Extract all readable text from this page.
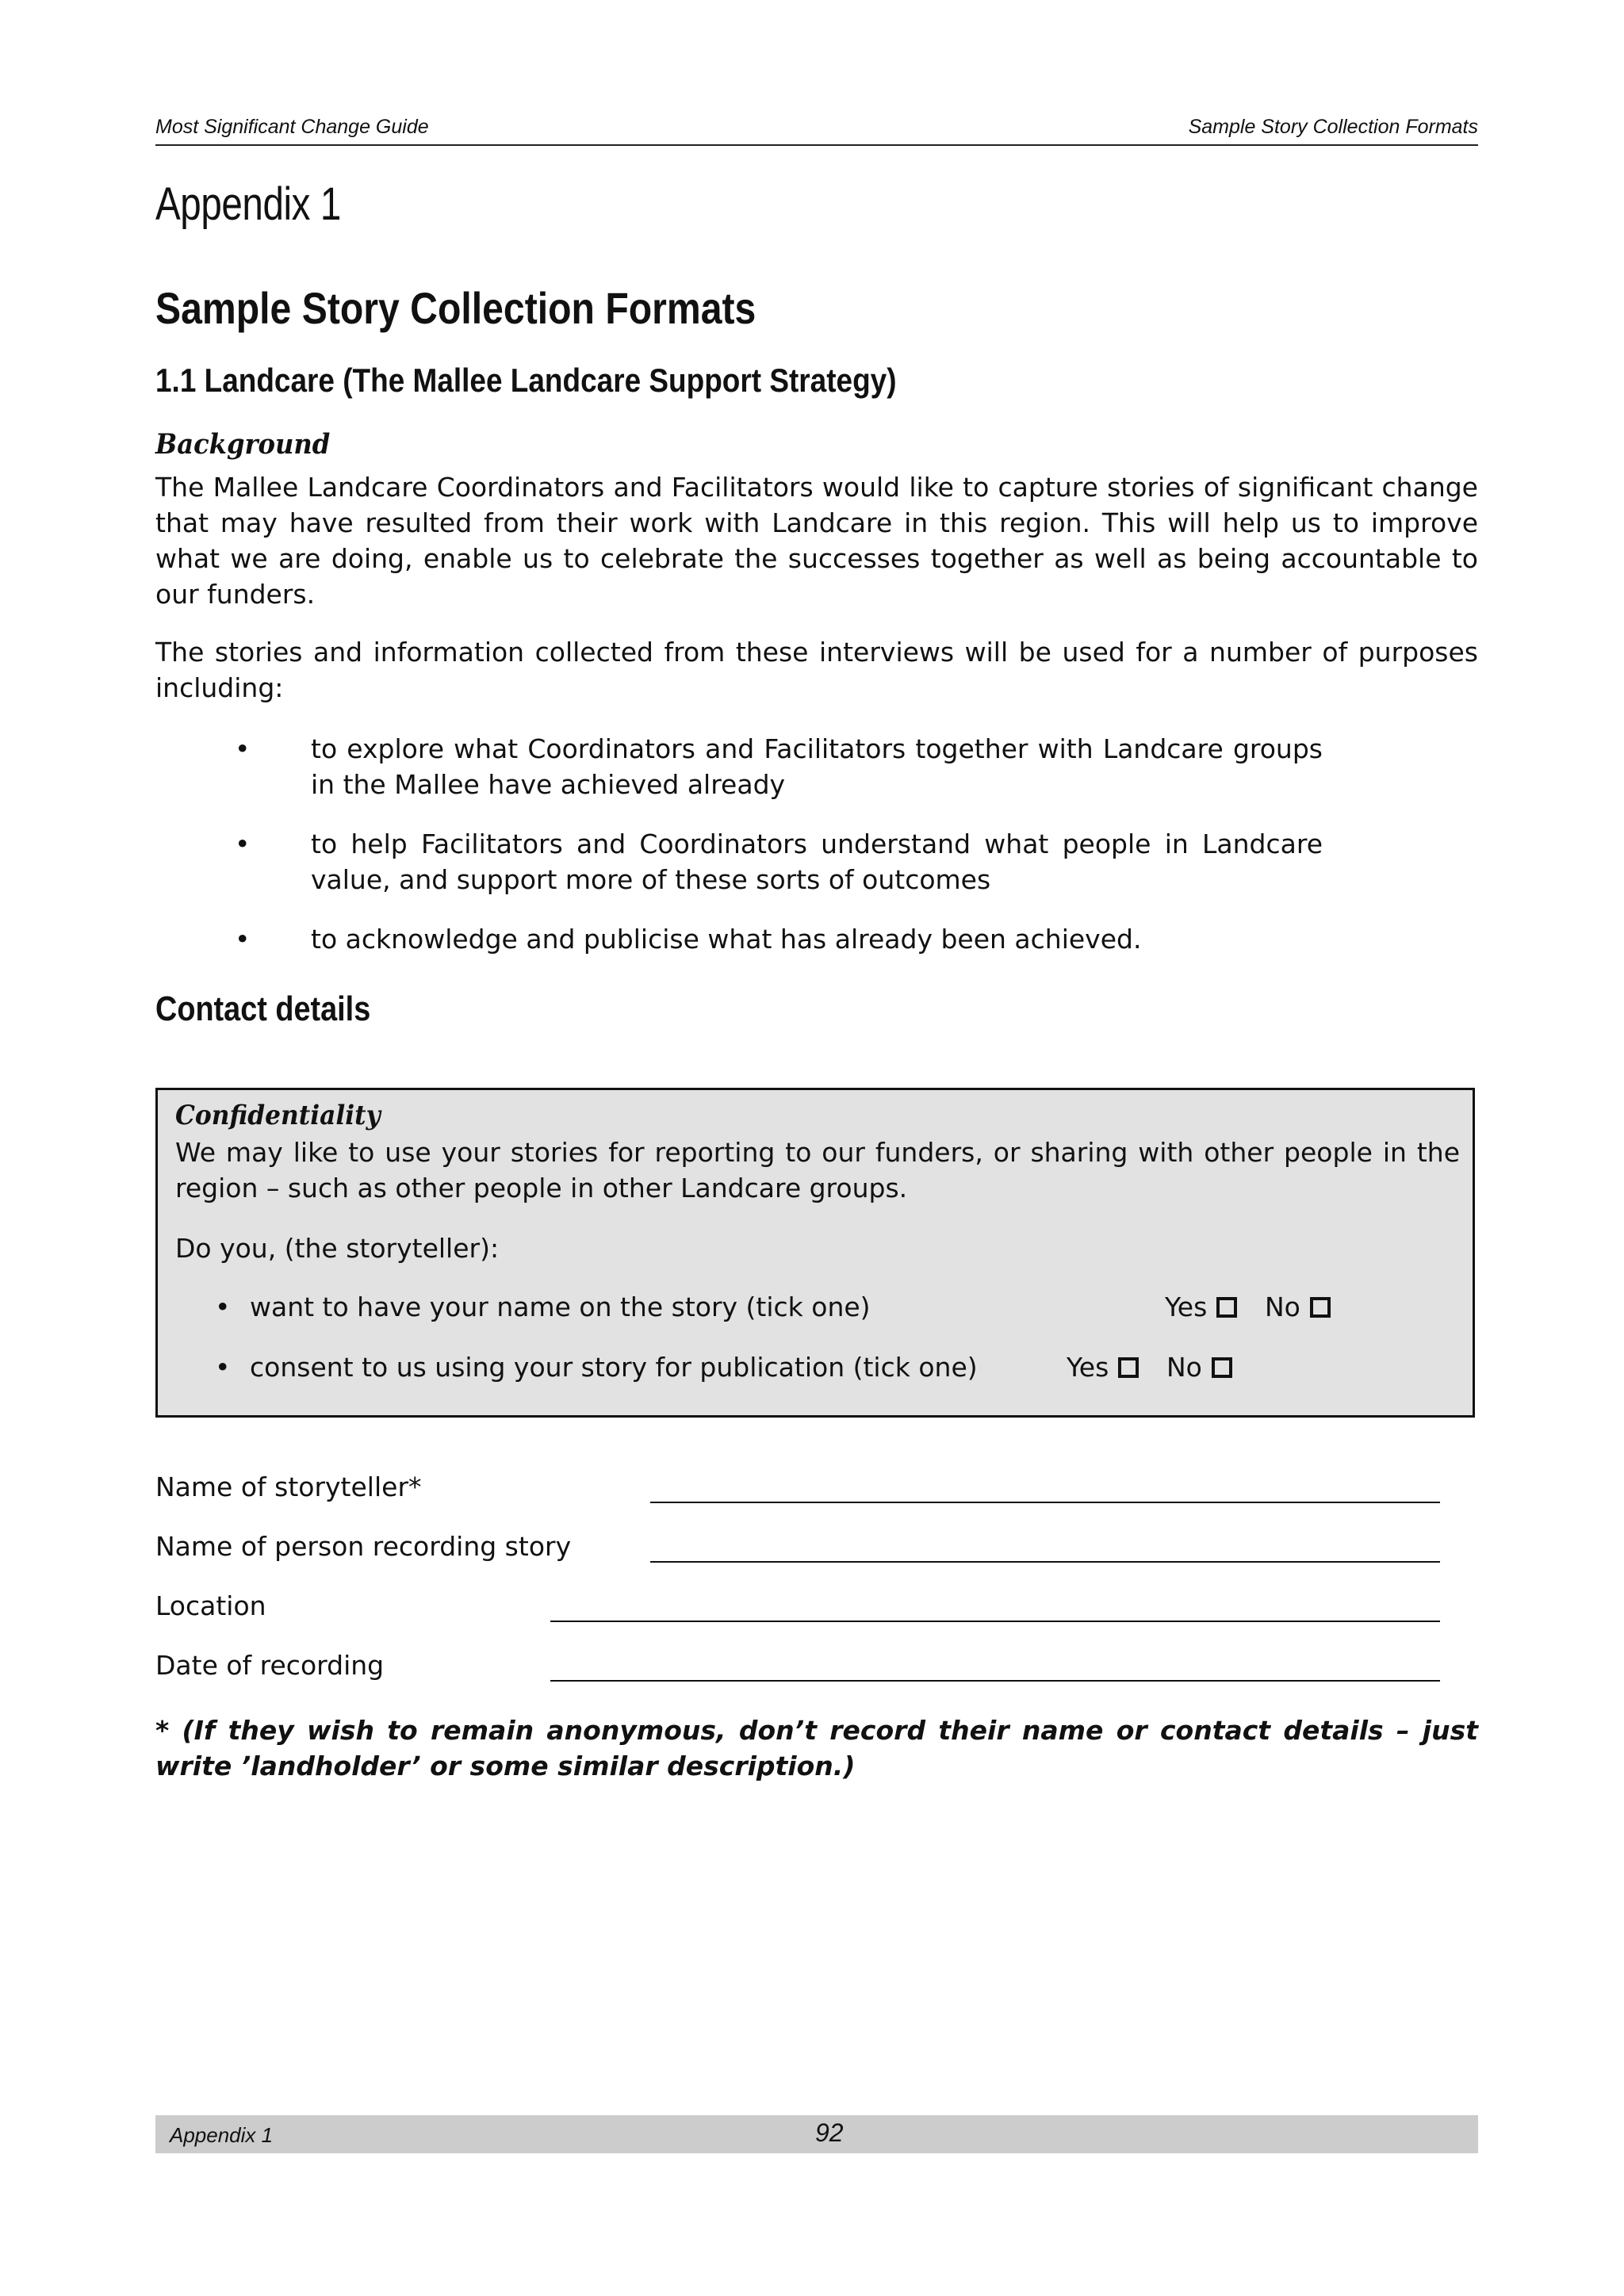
Most Significant Change Guide	Sample Story Collection Formats
Appendix 1
Sample Story Collection Formats
1.1 Landcare (The Mallee Landcare Support Strategy)
Background

The Mallee Landcare Coordinators and Facilitators would like to capture stories of significant change that may have resulted from their work with Landcare in this region. This will help us to improve what we are doing, enable us to celebrate the successes together as well as being accountable to our funders.

The stories and information collected from these interviews will be used for a number of purposes including:

• to explore what Coordinators and Facilitators together with Landcare groups in the Mallee have achieved already
• to help Facilitators and Coordinators understand what people in Landcare value, and support more of these sorts of outcomes
• to acknowledge and publicise what has already been achieved.
Contact details
Confidentiality

We may like to use your stories for reporting to our funders, or sharing with other people in the region – such as other people in other Landcare groups.

Do you, (the storyteller):
• want to have your name on the story (tick one)	Yes No
• consent to us using your story for publication (tick one)	Yes No
Name of storyteller*
Name of person recording story
Location
Date of recording

* (If they wish to remain anonymous, don’t record their name or contact details – just write ’landholder’ or some similar description.)

Appendix 1	92
